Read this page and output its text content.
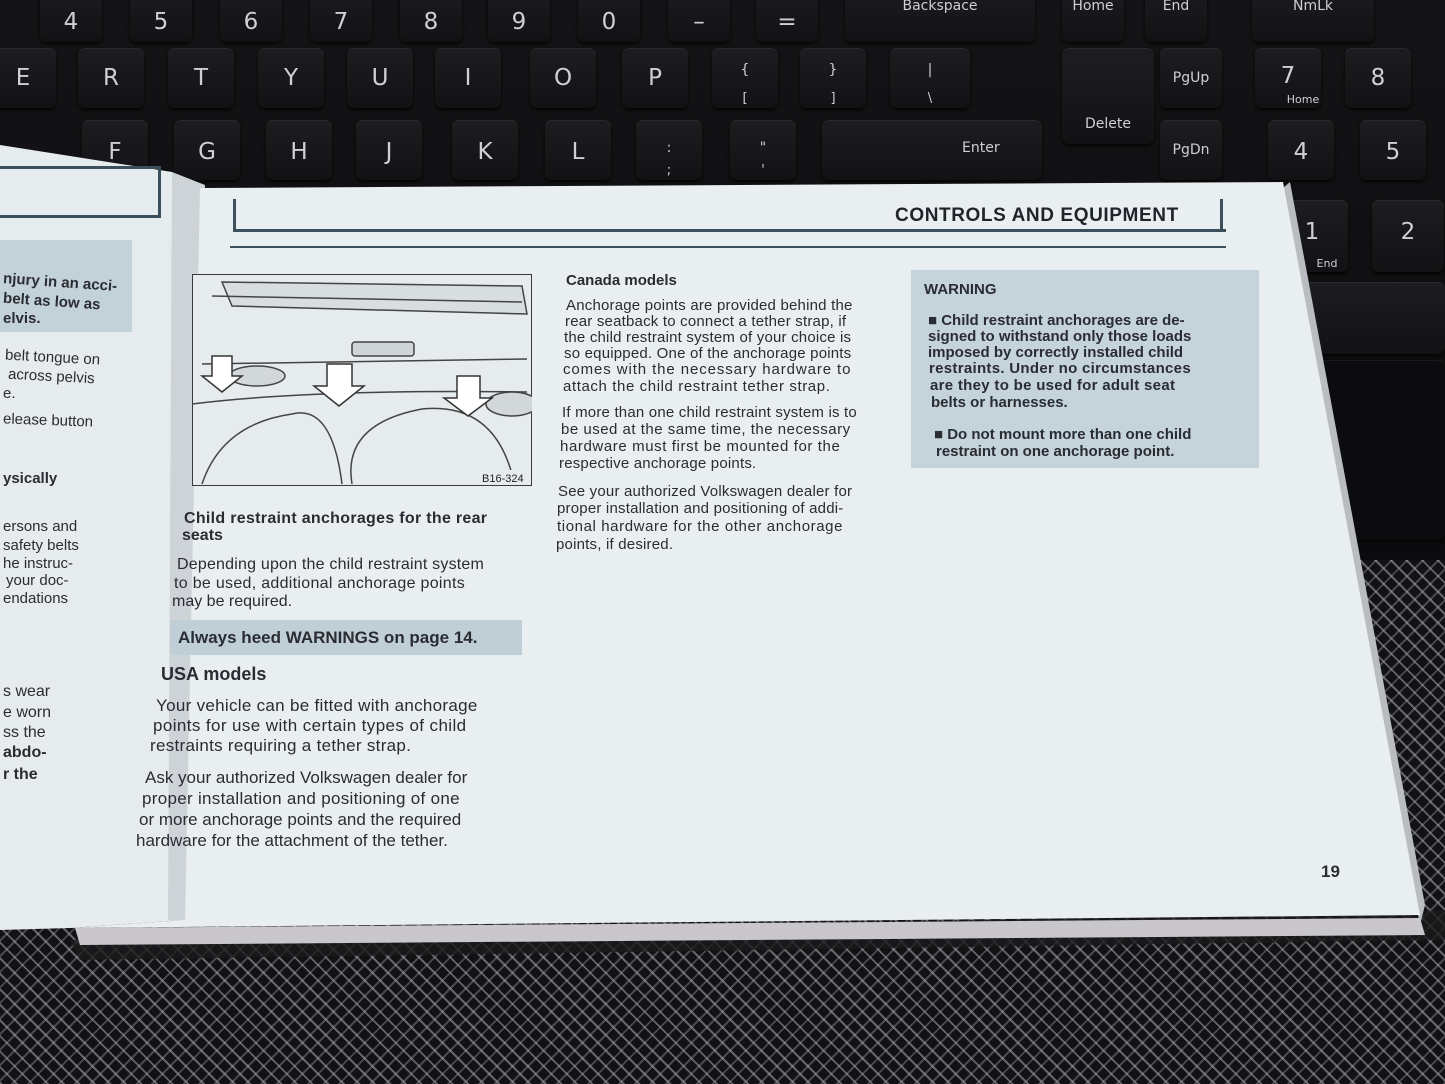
4	5	6	7	8	9	0	–	=
Backspace	Home	End	NmLk
E	R	T	Y	U	I	O	P	{
[
}
]
|
\
Delete
PgUp	7
Home
8
F	G	H	J	K	L	:
;
"
'
Enter	PgDn	4	5
1
End
2
njury in an acci-
belt as low as
elvis.
belt tongue on
across pelvis
e.
elease button
ysically
ersons and
safety belts
he instruc-
your doc-
endations
s wear
e worn
ss the
abdo-
r the
CONTROLS AND EQUIPMENT
B16-324
Child restraint anchorages for the rear
seats
Depending upon the child restraint system
to be used, additional anchorage points
may be required.
Always heed WARNINGS on page 14.
USA models
Your vehicle can be fitted with anchorage
points for use with certain types of child
restraints requiring a tether strap.
Ask your authorized Volkswagen dealer for
proper installation and positioning of one
or more anchorage points and the required
hardware for the attachment of the tether.
Canada models
Anchorage points are provided behind the
rear seatback to connect a tether strap, if
the child restraint system of your choice is
so equipped. One of the anchorage points
comes with the necessary hardware to
attach the child restraint tether strap.
If more than one child restraint system is to
be used at the same time, the necessary
hardware must first be mounted for the
respective anchorage points.
See your authorized Volkswagen dealer for
proper installation and positioning of addi-
tional hardware for the other anchorage
points, if desired.
WARNING
■ Child restraint anchorages are de-
signed to withstand only those loads
imposed by correctly installed child
restraints. Under no circumstances
are they to be used for adult seat
belts or harnesses.
■ Do not mount more than one child
restraint on one anchorage point.
19
